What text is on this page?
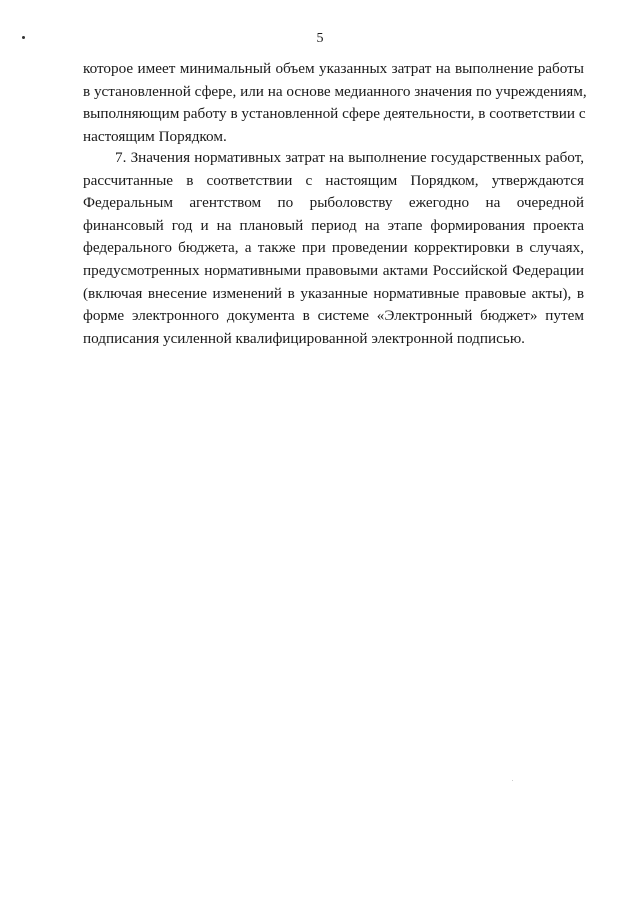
5
которое имеет минимальный объем указанных затрат на выполнение работы
в установленной сфере, или на основе медианного значения по учреждениям,
выполняющим работу в установленной сфере деятельности, в соответствии с
настоящим Порядком.
7. Значения нормативных затрат на выполнение государственных работ,
рассчитанные в соответствии с настоящим Порядком, утверждаются
Федеральным агентством по рыболовству ежегодно на очередной
финансовый год и на плановый период на этапе формирования проекта
федерального бюджета, а также при проведении корректировки в случаях,
предусмотренных нормативными правовыми актами Российской Федерации
(включая внесение изменений в указанные нормативные правовые акты), в
форме электронного документа в системе «Электронный бюджет» путем
подписания усиленной квалифицированной электронной подписью.
